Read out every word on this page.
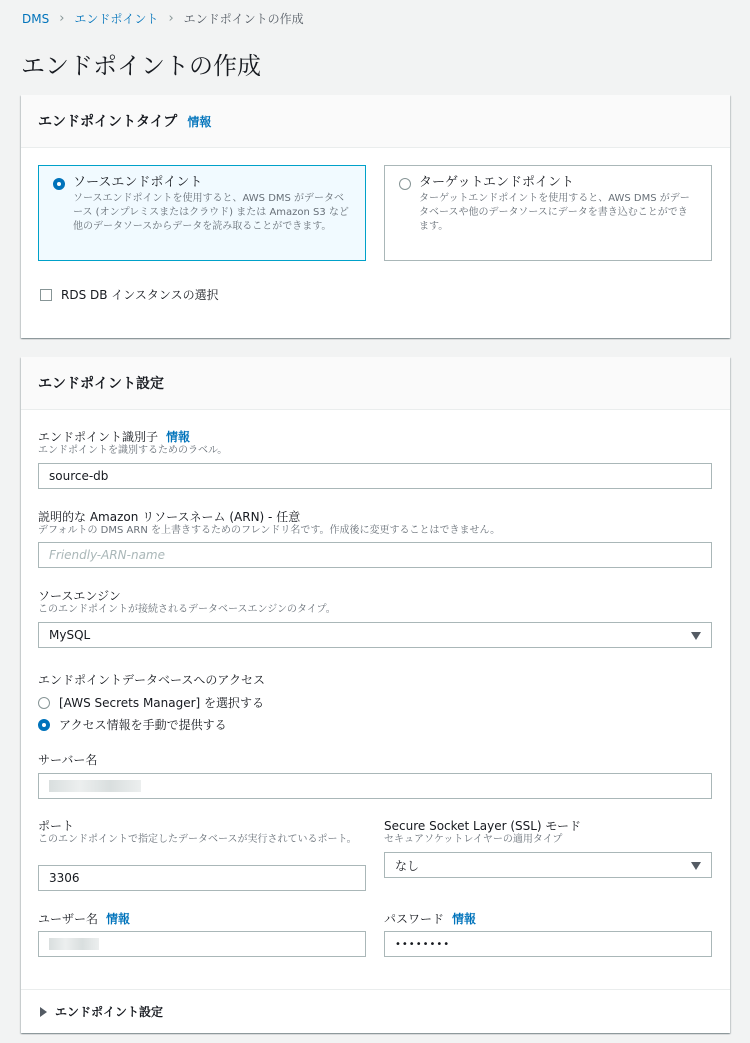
DMS › エンドポイント › エンドポイントの作成
エンドポイントの作成
エンドポイントタイプ 情報
ソースエンドポイント
ソースエンドポイントを使用すると、AWS DMS がデータベース (オンプレミスまたはクラウド) または Amazon S3 など他のデータソースからデータを読み取ることができます。
ターゲットエンドポイント
ターゲットエンドポイントを使用すると、AWS DMS がデータベースや他のデータソースにデータを書き込むことができます。
RDS DB インスタンスの選択
エンドポイント設定
エンドポイント識別子 情報
エンドポイントを識別するためのラベル。
source-db
説明的な Amazon リソースネーム (ARN) - 任意
デフォルトの DMS ARN を上書きするためのフレンドリ名です。作成後に変更することはできません。
Friendly-ARN-name
ソースエンジン
このエンドポイントが接続されるデータベースエンジンのタイプ。
MySQL
エンドポイントデータベースへのアクセス
[AWS Secrets Manager] を選択する
アクセス情報を手動で提供する
サーバー名
ポート
このエンドポイントで指定したデータベースが実行されているポート。
3306
Secure Socket Layer (SSL) モード
セキュアソケットレイヤーの適用タイプ
なし
ユーザー名 情報	パスワード 情報
••••••••
エンドポイント設定
